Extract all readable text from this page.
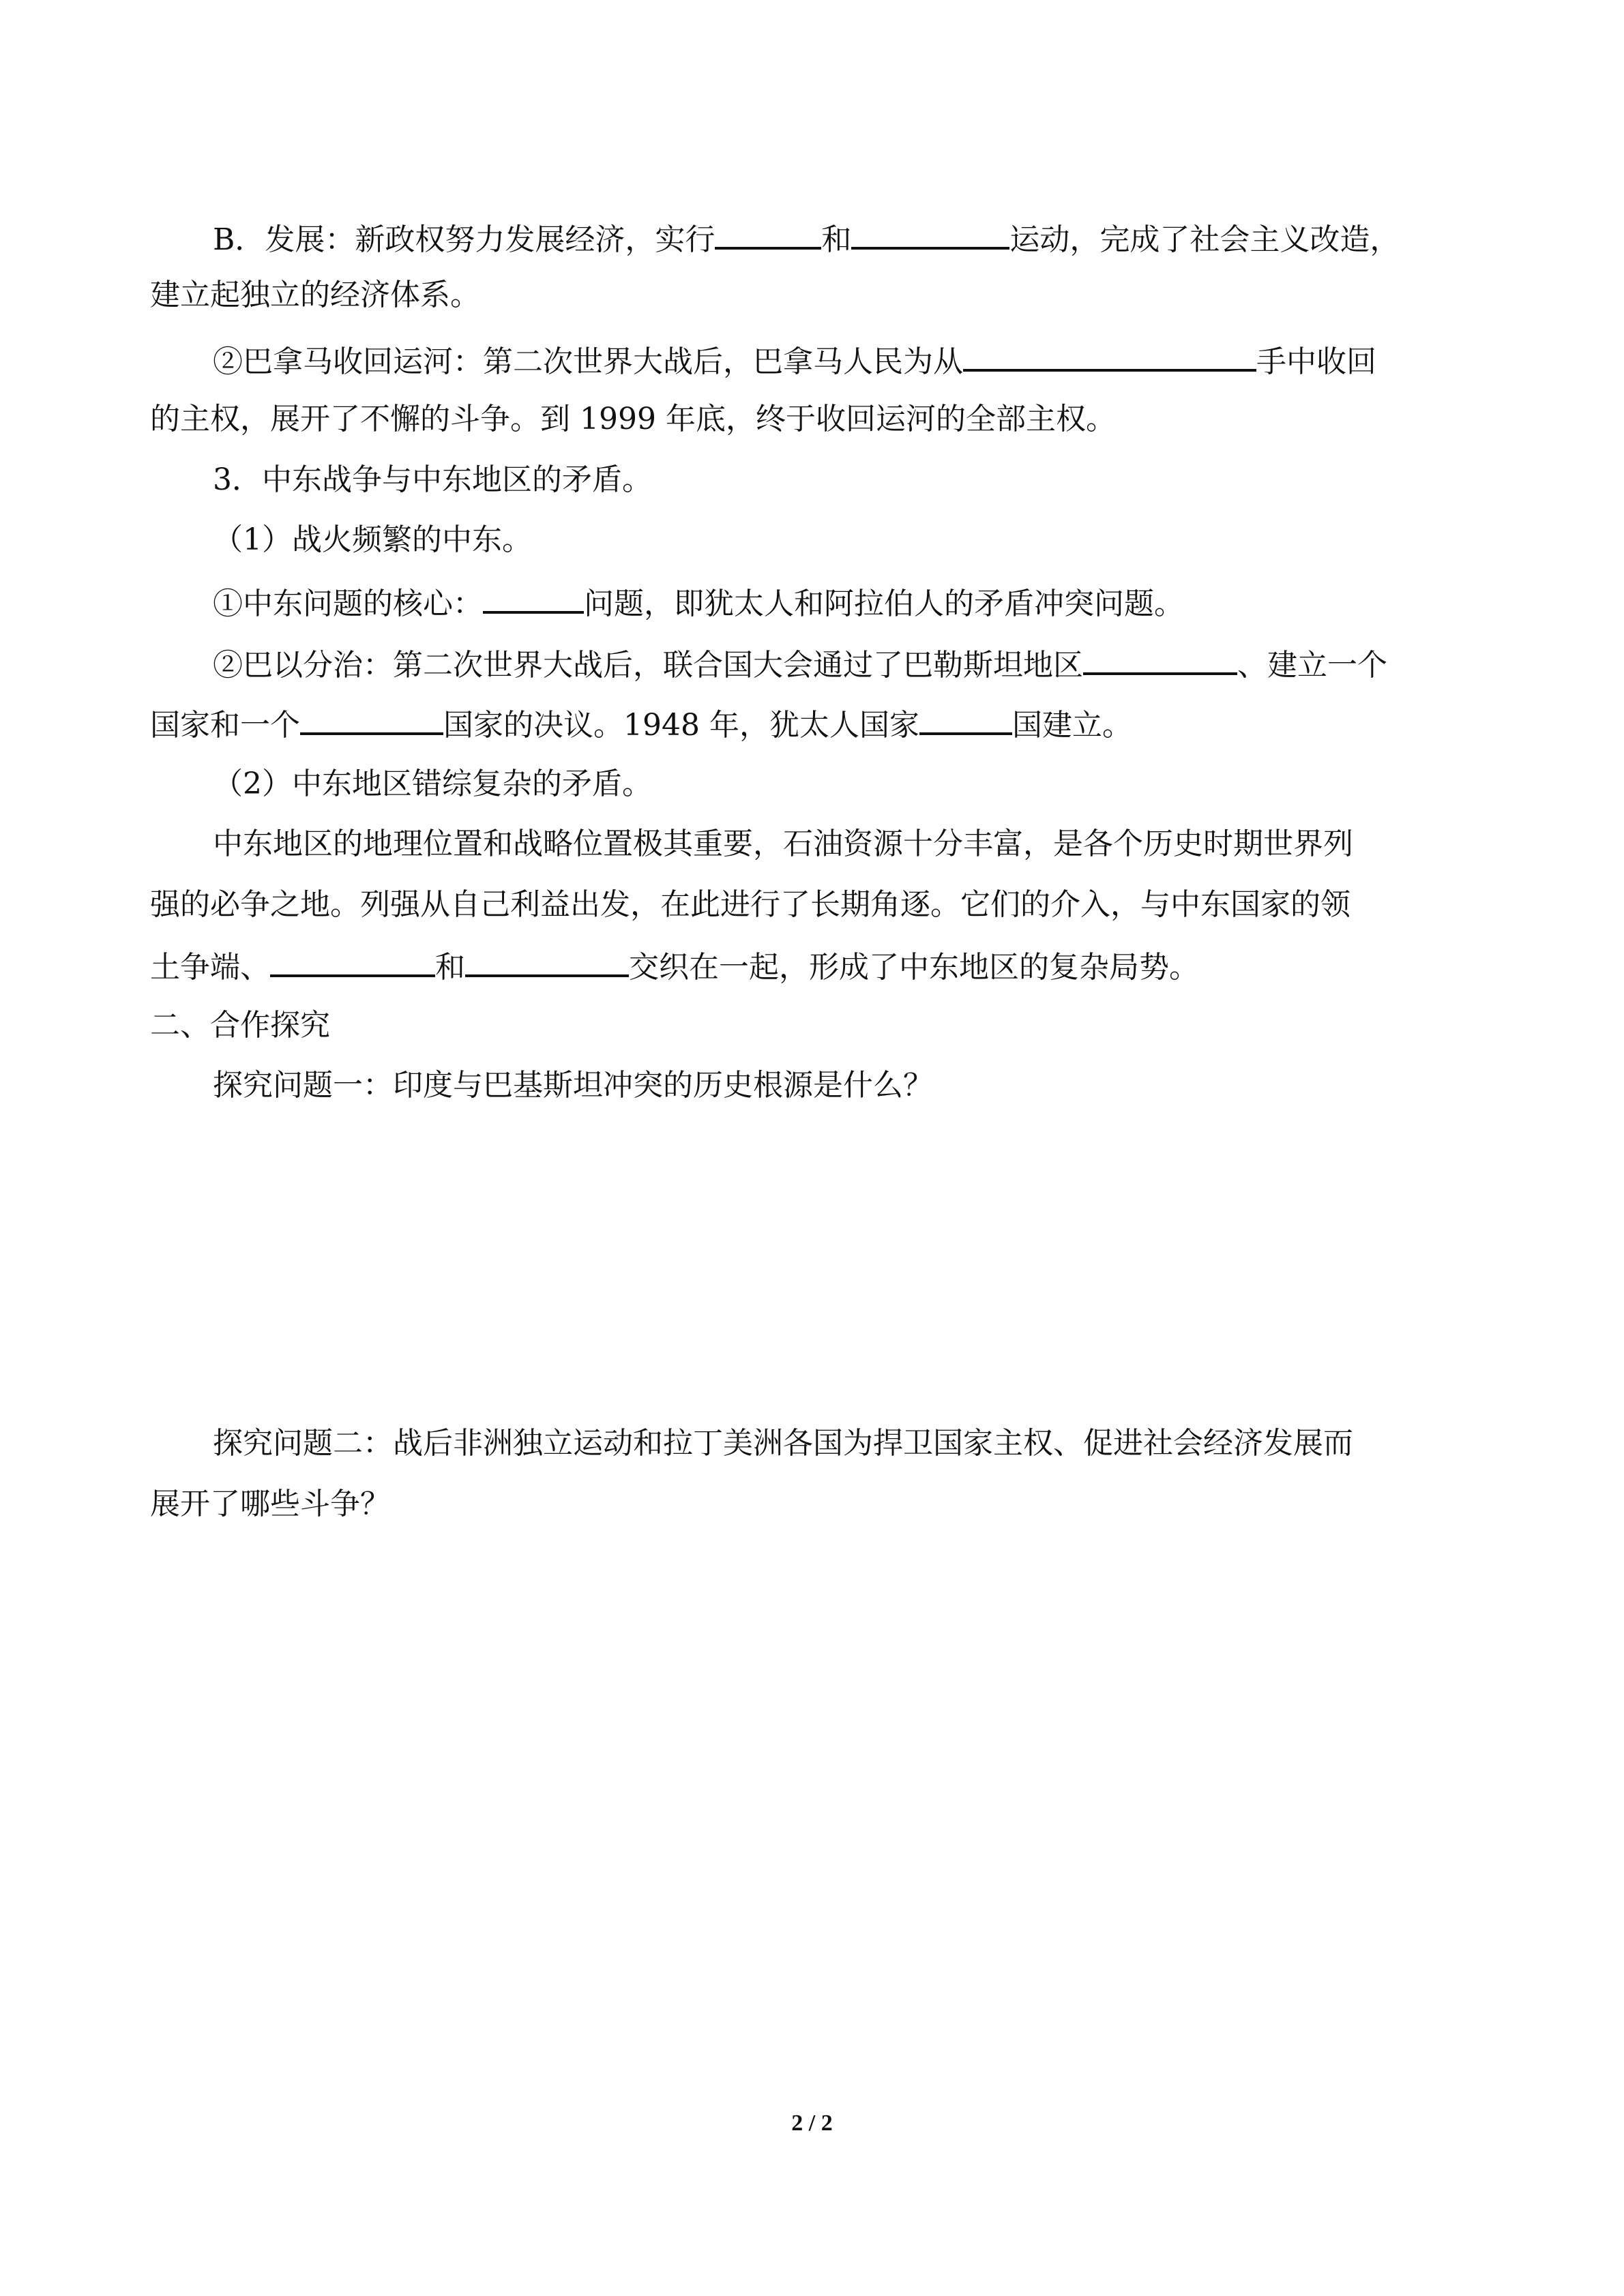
B．发展：新政权努力发展经济，实行	和	运动，完成了社会主义改造，
建立起独立的经济体系。
②巴拿马收回运河：第二次世界大战后，巴拿马人民为从	手中收回
的主权，展开了不懈的斗争。到 1999 年底，终于收回运河的全部主权。
3．中东战争与中东地区的矛盾。
（1）战火频繁的中东。
①中东问题的核心：	问题，即犹太人和阿拉伯人的矛盾冲突问题。
②巴以分治：第二次世界大战后，联合国大会通过了巴勒斯坦地区	、建立一个
国家和一个	国家的决议。1948 年，犹太人国家	国建立。
（2）中东地区错综复杂的矛盾。
中东地区的地理位置和战略位置极其重要，石油资源十分丰富，是各个历史时期世界列
强的必争之地。列强从自己利益出发，在此进行了长期角逐。它们的介入，与中东国家的领
土争端、	和	交织在一起，形成了中东地区的复杂局势。
二、合作探究
探究问题一：印度与巴基斯坦冲突的历史根源是什么？
探究问题二：战后非洲独立运动和拉丁美洲各国为捍卫国家主权、促进社会经济发展而
展开了哪些斗争？
2 / 2
